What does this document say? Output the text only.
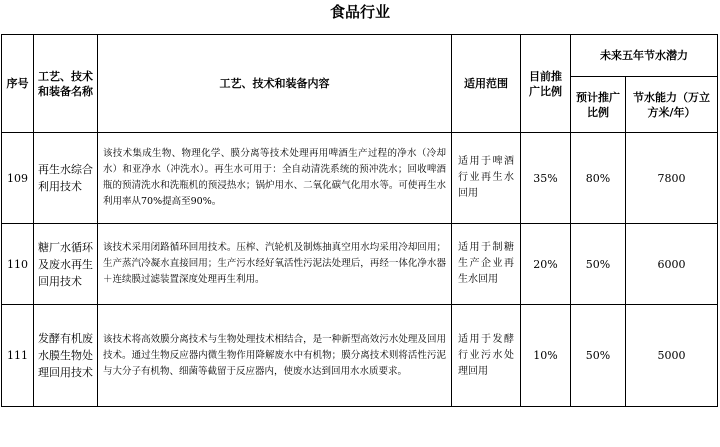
食品行业
序号	工艺、技术和装备名称	工艺、技术和装备内容	适用范围	目前推广比例	未来五年节水潜力	
					预计推广比例	节水能力（万立方米/年）
109	再生水综合利用技术	该技术集成生物、物理化学、膜分离等技术处理再用啤酒生产过程的净水（冷却水）和亚净水（冲洗水）。再生水可用于：全自动清洗系统的预冲洗水；回收啤酒瓶的预清洗水和洗瓶机的预浸热水；锅炉用水、二氧化碳气化用水等。可使再生水利用率从70%提高至90%。	适用于啤酒行业再生水回用	35%	80%	7800
110	糖厂水循环及废水再生回用技术	该技术采用闭路循环回用技术。压榨、汽轮机及制炼抽真空用水均采用冷却回用；生产蒸汽冷凝水直接回用；生产污水经好氧活性污泥法处理后，再经一体化净水器＋连续膜过滤装置深度处理再生利用。	适用于制糖生产企业再生水回用	20%	50%	6000
111	发酵有机废水膜生物处理回用技术	该技术将高效膜分离技术与生物处理技术相结合，是一种新型高效污水处理及回用技术。通过生物反应器内微生物作用降解废水中有机物；膜分离技术则将活性污泥与大分子有机物、细菌等截留于反应器内，使废水达到回用水水质要求。	适用于发酵行业污水处理回用	10%	50%	5000
